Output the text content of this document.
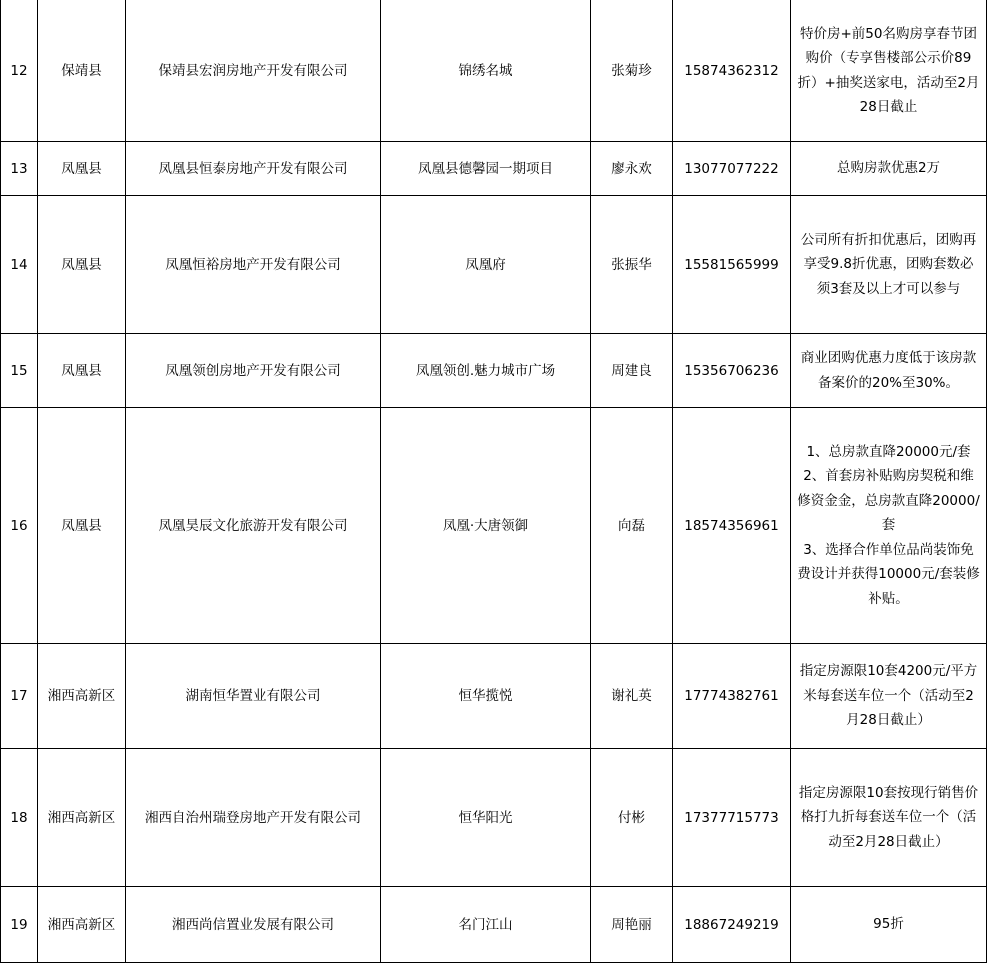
12	保靖县	保靖县宏润房地产开发有限公司	锦绣名城	张菊珍	15874362312	特价房+前50名购房享春节团购价（专享售楼部公示价89折）+抽奖送家电，活动至2月28日截止
13	凤凰县	凤凰县恒泰房地产开发有限公司	凤凰县德馨园一期项目	廖永欢	13077077222	总购房款优惠2万
14	凤凰县	凤凰恒裕房地产开发有限公司	凤凰府	张振华	15581565999	公司所有折扣优惠后，团购再享受9.8折优惠，团购套数必须3套及以上才可以参与
15	凤凰县	凤凰领创房地产开发有限公司	凤凰领创.魅力城市广场	周建良	15356706236	商业团购优惠力度低于该房款备案价的20%至30%。
16	凤凰县	凤凰昊辰文化旅游开发有限公司	凤凰·大唐领御	向磊	18574356961	1、总房款直降20000元/套
2、首套房补贴购房契税和维修资金金，总房款直降20000/套
3、选择合作单位品尚装饰免费设计并获得10000元/套装修补贴。
17	湘西高新区	湖南恒华置业有限公司	恒华揽悦	谢礼英	17774382761	指定房源限10套4200元/平方米每套送车位一个（活动至2月28日截止）
18	湘西高新区	湘西自治州瑞登房地产开发有限公司	恒华阳光	付彬	17377715773	指定房源限10套按现行销售价格打九折每套送车位一个（活动至2月28日截止）
19	湘西高新区	湘西尚信置业发展有限公司	名门江山	周艳丽	18867249219	95折
